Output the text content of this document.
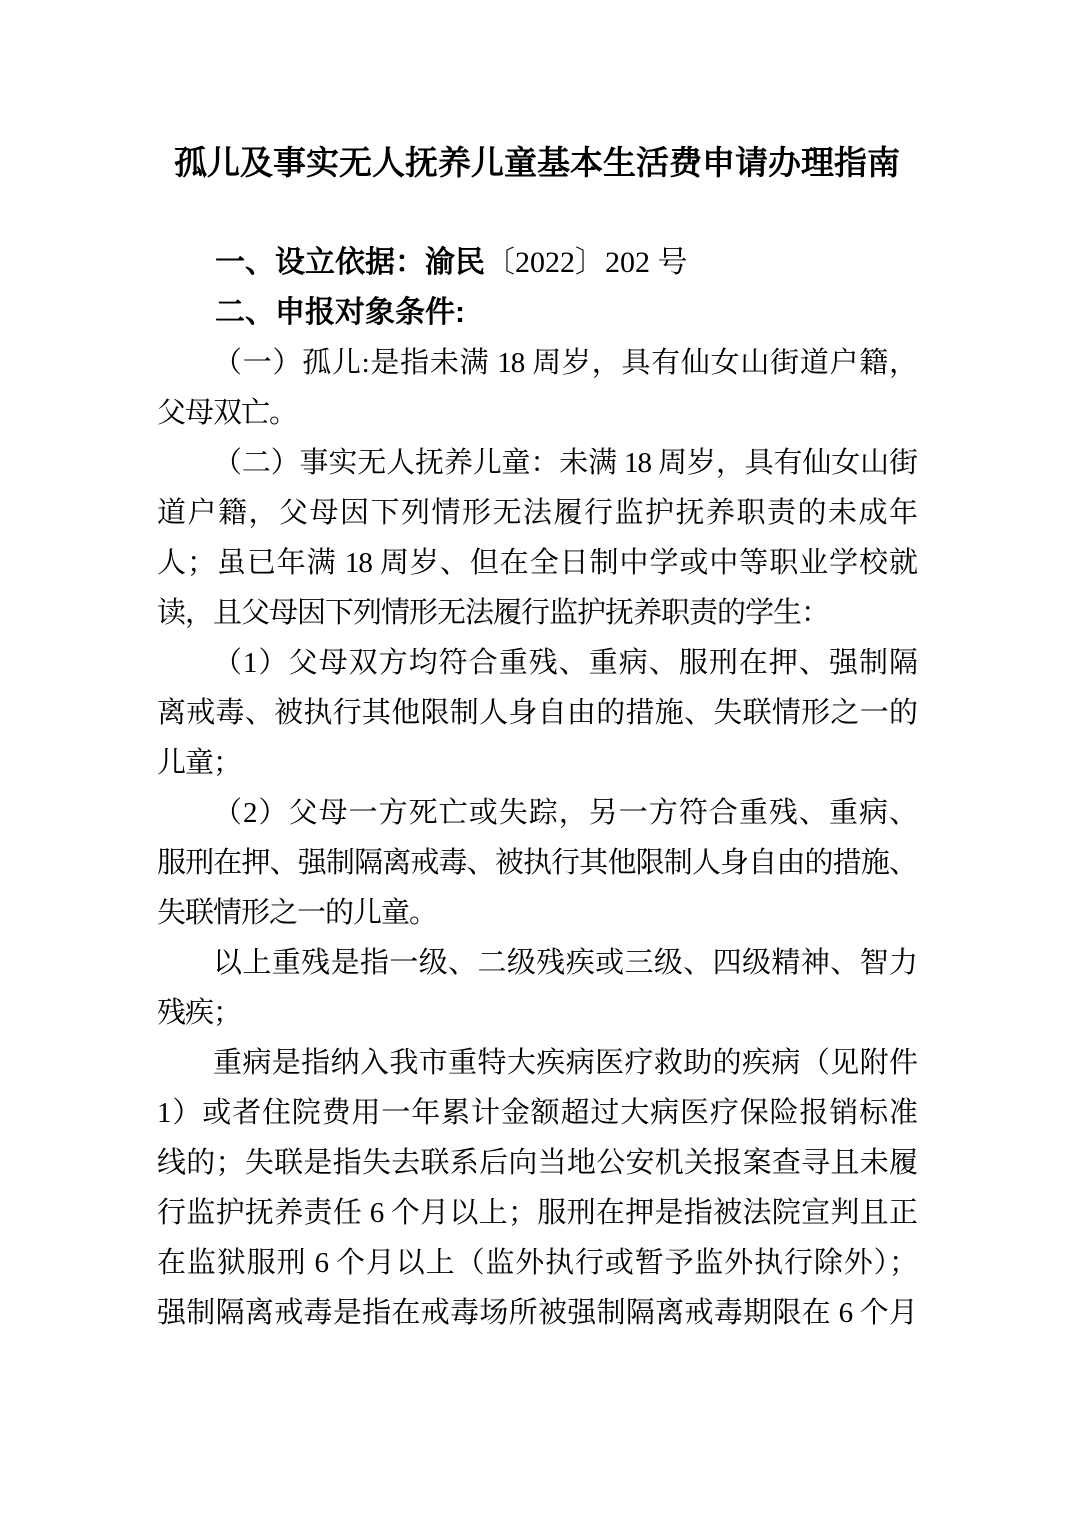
孤儿及事实无人抚养儿童基本生活费申请办理指南

一、设立依据：渝民〔2022〕202 号

二、申报对象条件:

（一）孤儿:是指未满 18 周岁，具有仙女山街道户籍，

父母双亡。

（二）事实无人抚养儿童：未满 18 周岁，具有仙女山街

道户籍，父母因下列情形无法履行监护抚养职责的未成年

人；虽已年满 18 周岁、但在全日制中学或中等职业学校就

读，且父母因下列情形无法履行监护抚养职责的学生：

（1）父母双方均符合重残、重病、服刑在押、强制隔

离戒毒、被执行其他限制人身自由的措施、失联情形之一的

儿童；

（2）父母一方死亡或失踪，另一方符合重残、重病、

服刑在押、强制隔离戒毒、被执行其他限制人身自由的措施、

失联情形之一的儿童。

以上重残是指一级、二级残疾或三级、四级精神、智力

残疾；

重病是指纳入我市重特大疾病医疗救助的疾病（见附件

1）或者住院费用一年累计金额超过大病医疗保险报销标准

线的；失联是指失去联系后向当地公安机关报案查寻且未履

行监护抚养责任 6 个月以上；服刑在押是指被法院宣判且正

在监狱服刑 6 个月以上（监外执行或暂予监外执行除外）；

强制隔离戒毒是指在戒毒场所被强制隔离戒毒期限在 6 个月
